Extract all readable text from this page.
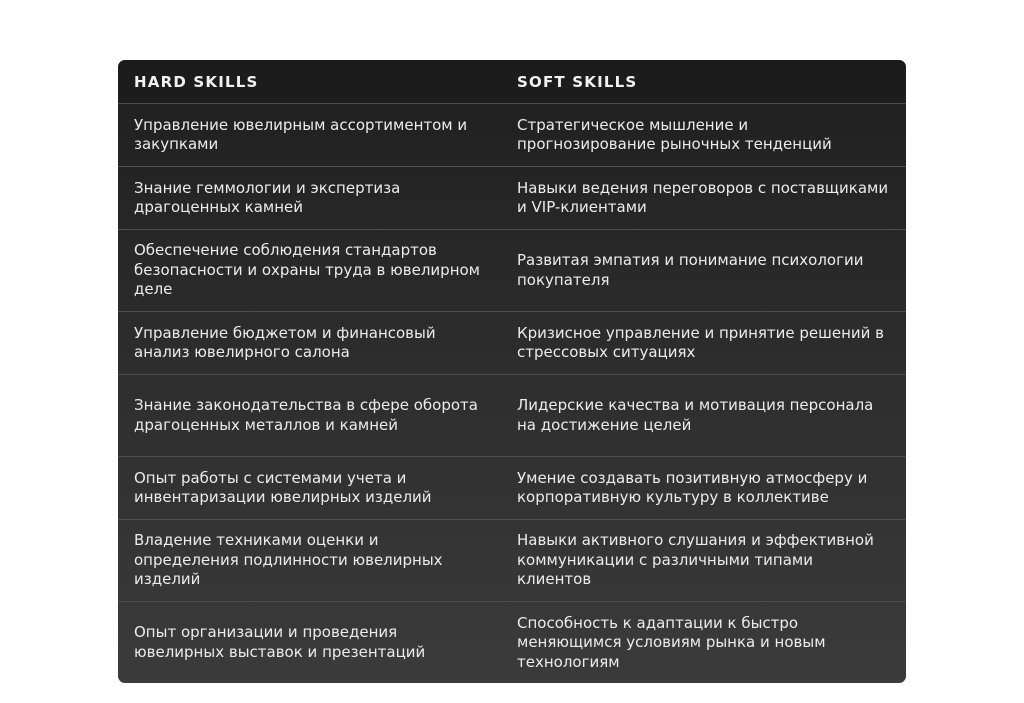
HARD SKILLS	SOFT SKILLS
Управление ювелирным ассортиментом и закупками	Стратегическое мышление и прогнозирование рыночных тенденций
Знание геммологии и экспертиза драгоценных камней	Навыки ведения переговоров с поставщиками и VIP-клиентами
Обеспечение соблюдения стандартов безопасности и охраны труда в ювелирном деле	Развитая эмпатия и понимание психологии покупателя
Управление бюджетом и финансовый анализ ювелирного салона	Кризисное управление и принятие решений в стрессовых ситуациях
Знание законодательства в сфере оборота драгоценных металлов и камней	Лидерские качества и мотивация персонала на достижение целей
Опыт работы с системами учета и инвентаризации ювелирных изделий	Умение создавать позитивную атмосферу и корпоративную культуру в коллективе
Владение техниками оценки и определения подлинности ювелирных изделий	Навыки активного слушания и эффективной коммуникации с различными типами клиентов
Опыт организации и проведения ювелирных выставок и презентаций	Способность к адаптации к быстро меняющимся условиям рынка и новым технологиям
